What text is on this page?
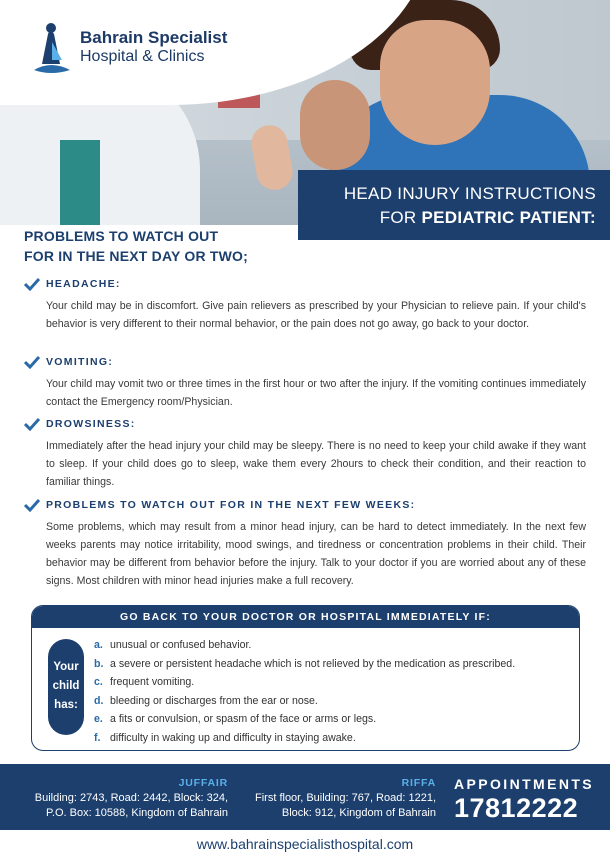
Bahrain Specialist
Hospital & Clinics
HEAD INJURY INSTRUCTIONS
FOR PEDIATRIC PATIENT:
PROBLEMS TO WATCH OUT
FOR IN THE NEXT DAY OR TWO;
HEADACHE:
Your child may be in discomfort. Give pain relievers as prescribed by your Physician to relieve pain. If your child's behavior is very different to their normal behavior, or the pain does not go away, go back to your doctor.
VOMITING:
Your child may vomit two or three times in the first hour or two after the injury. If the vomiting continues immediately contact the Emergency room/Physician.
DROWSINESS:
Immediately after the head injury your child may be sleepy. There is no need to keep your child awake if they want to sleep. If your child does go to sleep, wake them every 2hours to check their condition, and their reaction to familiar things.
PROBLEMS TO WATCH OUT FOR IN THE NEXT FEW WEEKS:
Some problems, which may result from a minor head injury, can be hard to detect immediately. In the next few weeks parents may notice irritability, mood swings, and tiredness or concentration problems in their child. Their behavior may be different from behavior before the injury. Talk to your doctor if you are worried about any of these signs. Most children with minor head injuries make a full recovery.
GO BACK TO YOUR DOCTOR OR HOSPITAL IMMEDIATELY IF:
Your
child
has:
a. unusual or confused behavior.
b. a severe or persistent headache which is not relieved by the medication as prescribed.
c. frequent vomiting.
d. bleeding or discharges from the ear or nose.
e. a fits or convulsion, or spasm of the face or arms or legs.
f. difficulty in waking up and difficulty in staying awake.
JUFFAIR
Building: 2743, Road: 2442, Block: 324,
P.O. Box: 10588, Kingdom of Bahrain
RIFFA
First floor, Building: 767, Road: 1221,
Block: 912, Kingdom of Bahrain
APPOINTMENTS
17812222
www.bahrainspecialisthospital.com
